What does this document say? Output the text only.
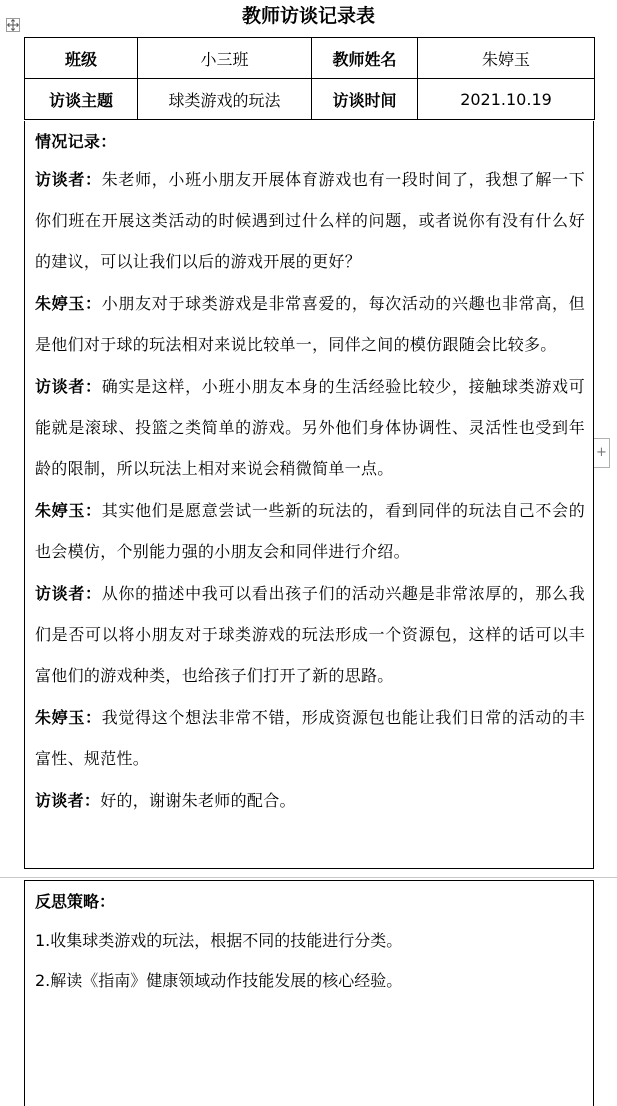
教师访谈记录表
班级	小三班	教师姓名	朱婷玉
访谈主题	球类游戏的玩法	访谈时间	2021.10.19

情况记录：

访谈者：朱老师，小班小朋友开展体育游戏也有一段时间了，我想了解一下你们班在开展这类活动的时候遇到过什么样的问题，或者说你有没有什么好的建议，可以让我们以后的游戏开展的更好？

朱婷玉：小朋友对于球类游戏是非常喜爱的，每次活动的兴趣也非常高，但是他们对于球的玩法相对来说比较单一，同伴之间的模仿跟随会比较多。

访谈者：确实是这样，小班小朋友本身的生活经验比较少，接触球类游戏可能就是滚球、投篮之类简单的游戏。另外他们身体协调性、灵活性也受到年龄的限制，所以玩法上相对来说会稍微简单一点。

朱婷玉：其实他们是愿意尝试一些新的玩法的，看到同伴的玩法自己不会的也会模仿，个别能力强的小朋友会和同伴进行介绍。

访谈者：从你的描述中我可以看出孩子们的活动兴趣是非常浓厚的，那么我们是否可以将小朋友对于球类游戏的玩法形成一个资源包，这样的话可以丰富他们的游戏种类，也给孩子们打开了新的思路。

朱婷玉：我觉得这个想法非常不错，形成资源包也能让我们日常的活动的丰富性、规范性。

访谈者：好的，谢谢朱老师的配合。

+

反思策略：

1.收集球类游戏的玩法，根据不同的技能进行分类。

2.解读《指南》健康领域动作技能发展的核心经验。
